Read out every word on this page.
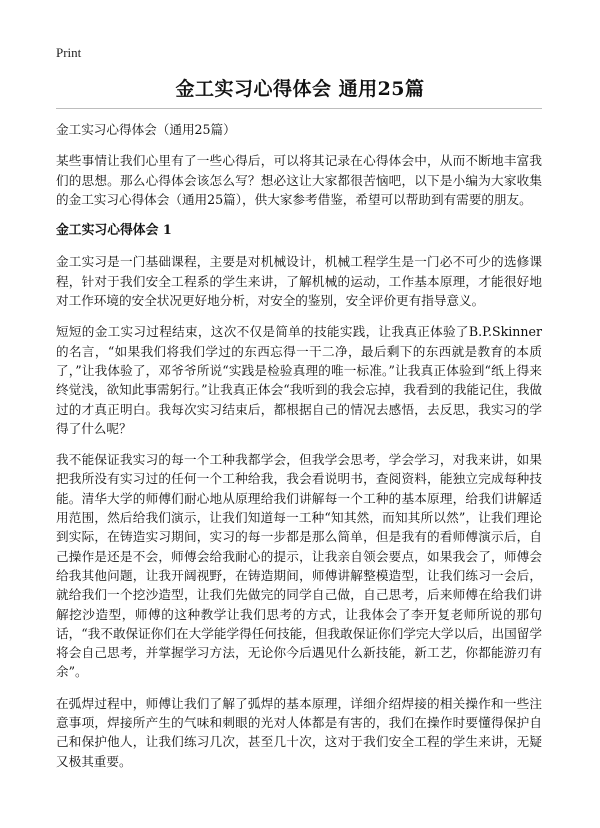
Print
金工实习心得体会 通用25篇

金工实习心得体会（通用25篇）

某些事情让我们心里有了一些心得后，可以将其记录在心得体会中，从而不断地丰富我们的思想。那么心得体会该怎么写？想必这让大家都很苦恼吧，以下是小编为大家收集的金工实习心得体会（通用25篇），供大家参考借鉴，希望可以帮助到有需要的朋友。

金工实习心得体会 1

金工实习是一门基础课程，主要是对机械设计，机械工程学生是一门必不可少的选修课程，针对于我们安全工程系的学生来讲，了解机械的运动，工作基本原理，才能很好地对工作环境的安全状况更好地分析，对安全的鉴别，安全评价更有指导意义。

短短的金工实习过程结束，这次不仅是简单的技能实践，让我真正体验了B.P.Skinner的名言，“如果我们将我们学过的东西忘得一干二净，最后剩下的东西就是教育的本质了，”让我体验了，邓爷爷所说“实践是检验真理的唯一标准。”让我真正体验到“纸上得来终觉浅，欲知此事需躬行。”让我真正体会“我听到的我会忘掉，我看到的我能记住，我做过的才真正明白。我每次实习结束后，都根据自己的情况去感悟，去反思，我实习的学得了什么呢？

我不能保证我实习的每一个工种我都学会，但我学会思考，学会学习，对我来讲，如果把我所没有实习过的任何一个工种给我，我会看说明书，查阅资料，能独立完成每种技能。清华大学的师傅们耐心地从原理给我们讲解每一个工种的基本原理，给我们讲解适用范围，然后给我们演示，让我们知道每一工种“知其然，而知其所以然”，让我们理论到实际，在铸造实习期间，实习的每一步都是那么简单，但是我有的看师傅演示后，自己操作是还是不会，师傅会给我耐心的提示，让我亲自领会要点，如果我会了，师傅会给我其他问题，让我开阔视野，在铸造期间，师傅讲解整模造型，让我们练习一会后，就给我们一个挖沙造型，让我们先做完的同学自己做，自己思考，后来师傅在给我们讲解挖沙造型，师傅的这种教学让我们思考的方式，让我体会了李开复老师所说的那句话，“我不敢保证你们在大学能学得任何技能，但我敢保证你们学完大学以后，出国留学将会自己思考，并掌握学习方法，无论你今后遇见什么新技能，新工艺，你都能游刃有余”。

在弧焊过程中，师傅让我们了解了弧焊的基本原理，详细介绍焊接的相关操作和一些注意事项，焊接所产生的气味和刺眼的光对人体都是有害的，我们在操作时要懂得保护自己和保护他人，让我们练习几次，甚至几十次，这对于我们安全工程的学生来讲，无疑又极其重要。
